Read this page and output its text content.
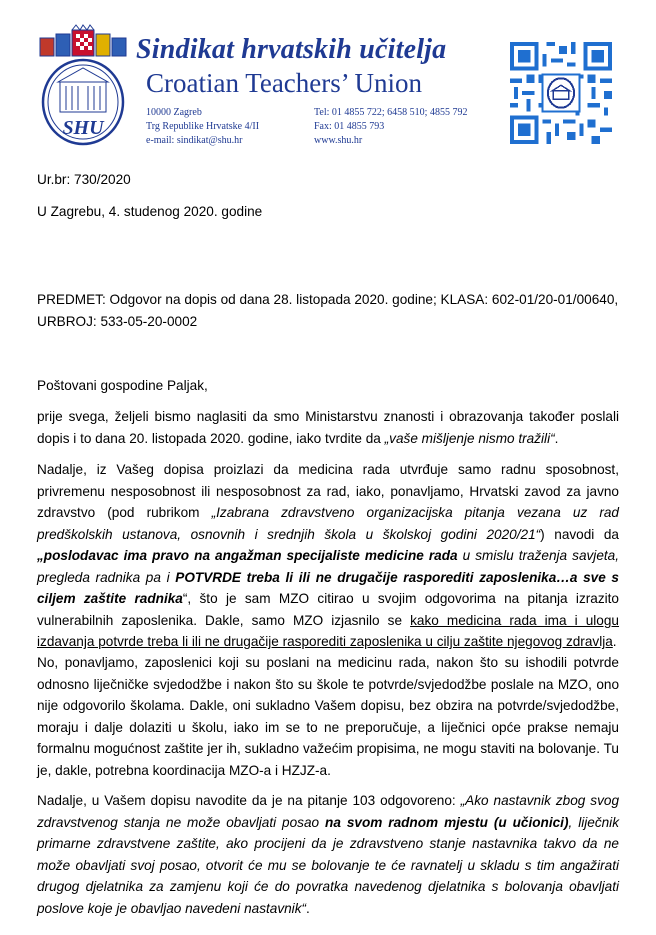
SHU
Sindikat hrvatskih učitelja
Croatian Teachers’ Union
10000 Zagreb
Trg Republike Hrvatske 4/II
e-mail: sindikat@shu.hr
Tel: 01 4855 722; 6458 510; 4855 792
Fax: 01 4855 793
www.shu.hr
Ur.br: 730/2020
U Zagrebu, 4. studenog 2020. godine
PREDMET: Odgovor na dopis od dana 28. listopada 2020. godine; KLASA: 602-01/20-01/00640,
URBROJ: 533-05-20-0002
Poštovani gospodine Paljak,
prije svega, željeli bismo naglasiti da smo Ministarstvu znanosti i obrazovanja također poslali dopis i to dana 20. listopada 2020. godine, iako tvrdite da „vaše mišljenje nismo tražili“.
Nadalje, iz Vašeg dopisa proizlazi da medicina rada utvrđuje samo radnu sposobnost, privremenu nesposobnost ili nesposobnost za rad, iako, ponavljamo, Hrvatski zavod za javno zdravstvo (pod rubrikom „Izabrana zdravstveno organizacijska pitanja vezana uz rad predškolskih ustanova, osnovnih i srednjih škola u školskoj godini 2020/21“) navodi da „poslodavac ima pravo na angažman specijaliste medicine rada u smislu traženja savjeta, pregleda radnika pa i POTVRDE treba li ili ne drugačije rasporediti zaposlenika…a sve s ciljem zaštite radnika“, što je sam MZO citirao u svojim odgovorima na pitanja izrazito vulnerabilnih zaposlenika. Dakle, samo MZO izjasnilo se kako medicina rada ima i ulogu izdavanja potvrde treba li ili ne drugačije rasporediti zaposlenika u cilju zaštite njegovog zdravlja.
No, ponavljamo, zaposlenici koji su poslani na medicinu rada, nakon što su ishodili potvrde odnosno liječničke svjedodžbe i nakon što su škole te potvrde/svjedodžbe poslale na MZO, ono nije odgovorilo školama. Dakle, oni sukladno Vašem dopisu, bez obzira na potvrde/svjedodžbe, moraju i dalje dolaziti u školu, iako im se to ne preporučuje, a liječnici opće prakse nemaju formalnu mogućnost zaštite jer ih, sukladno važećim propisima, ne mogu staviti na bolovanje. Tu je, dakle, potrebna koordinacija MZO-a i HZJZ-a.
Nadalje, u Vašem dopisu navodite da je na pitanje 103 odgovoreno: „Ako nastavnik zbog svog zdravstvenog stanja ne može obavljati posao na svom radnom mjestu (u učionici), liječnik primarne zdravstvene zaštite, ako procijeni da je zdravstveno stanje nastavnika takvo da ne može obavljati svoj posao, otvorit će mu se bolovanje te će ravnatelj u skladu s tim angažirati drugog djelatnika za zamjenu koji će do povratka navedenog djelatnika s bolovanja obavljati poslove koje je obavljao navedeni nastavnik“.
